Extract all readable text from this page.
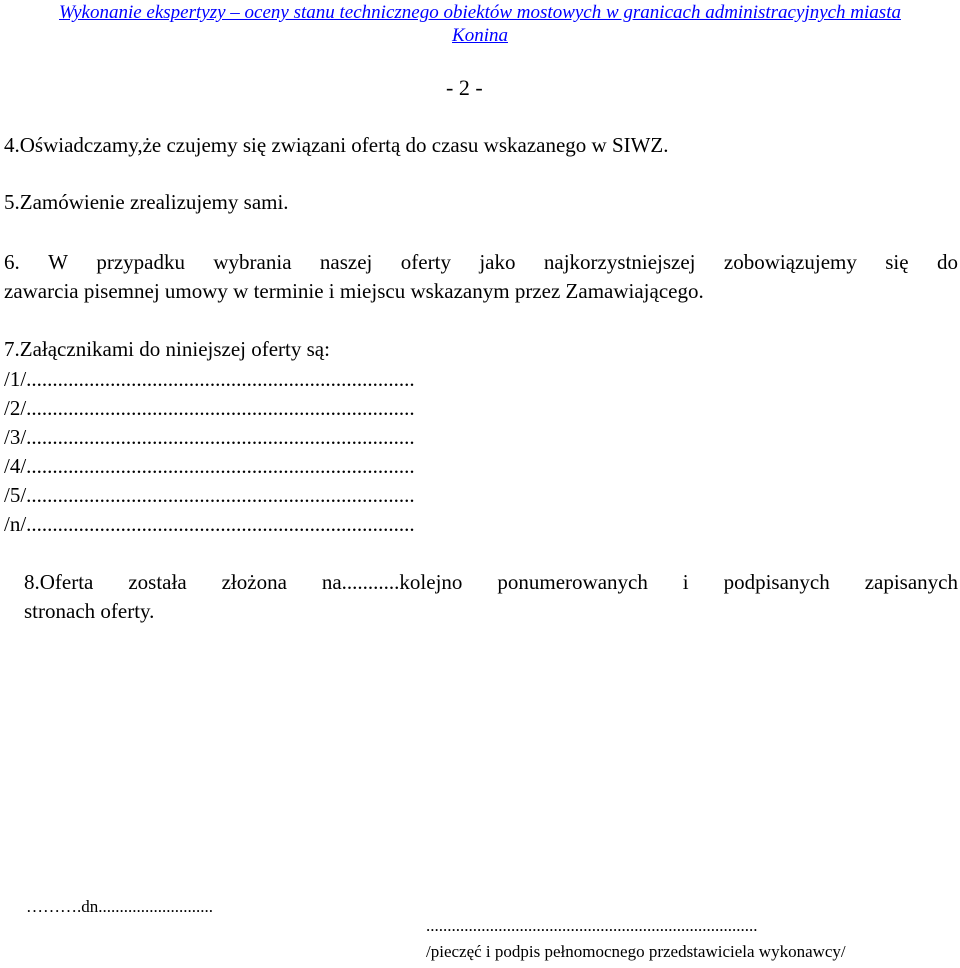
Wykonanie ekspertyzy – oceny stanu technicznego obiektów mostowych w granicach administracyjnych miasta
Konina
- 2 -
4.Oświadczamy,że czujemy się związani ofertą do czasu wskazanego w SIWZ.
5.Zamówienie zrealizujemy sami.
6. W przypadku wybrania naszej oferty jako najkorzystniejszej zobowiązujemy się do
zawarcia pisemnej umowy w terminie i miejscu wskazanym przez Zamawiającego.
7.Załącznikami do niniejszej oferty są:
/1/..........................................................................
/2/..........................................................................
/3/..........................................................................
/4/..........................................................................
/5/..........................................................................
/n/..........................................................................
8.Oferta została złożona na...........kolejno ponumerowanych i podpisanych zapisanych
stronach oferty.
……….dn...........................
..............................................................................
/pieczęć i podpis pełnomocnego przedstawiciela wykonawcy/
